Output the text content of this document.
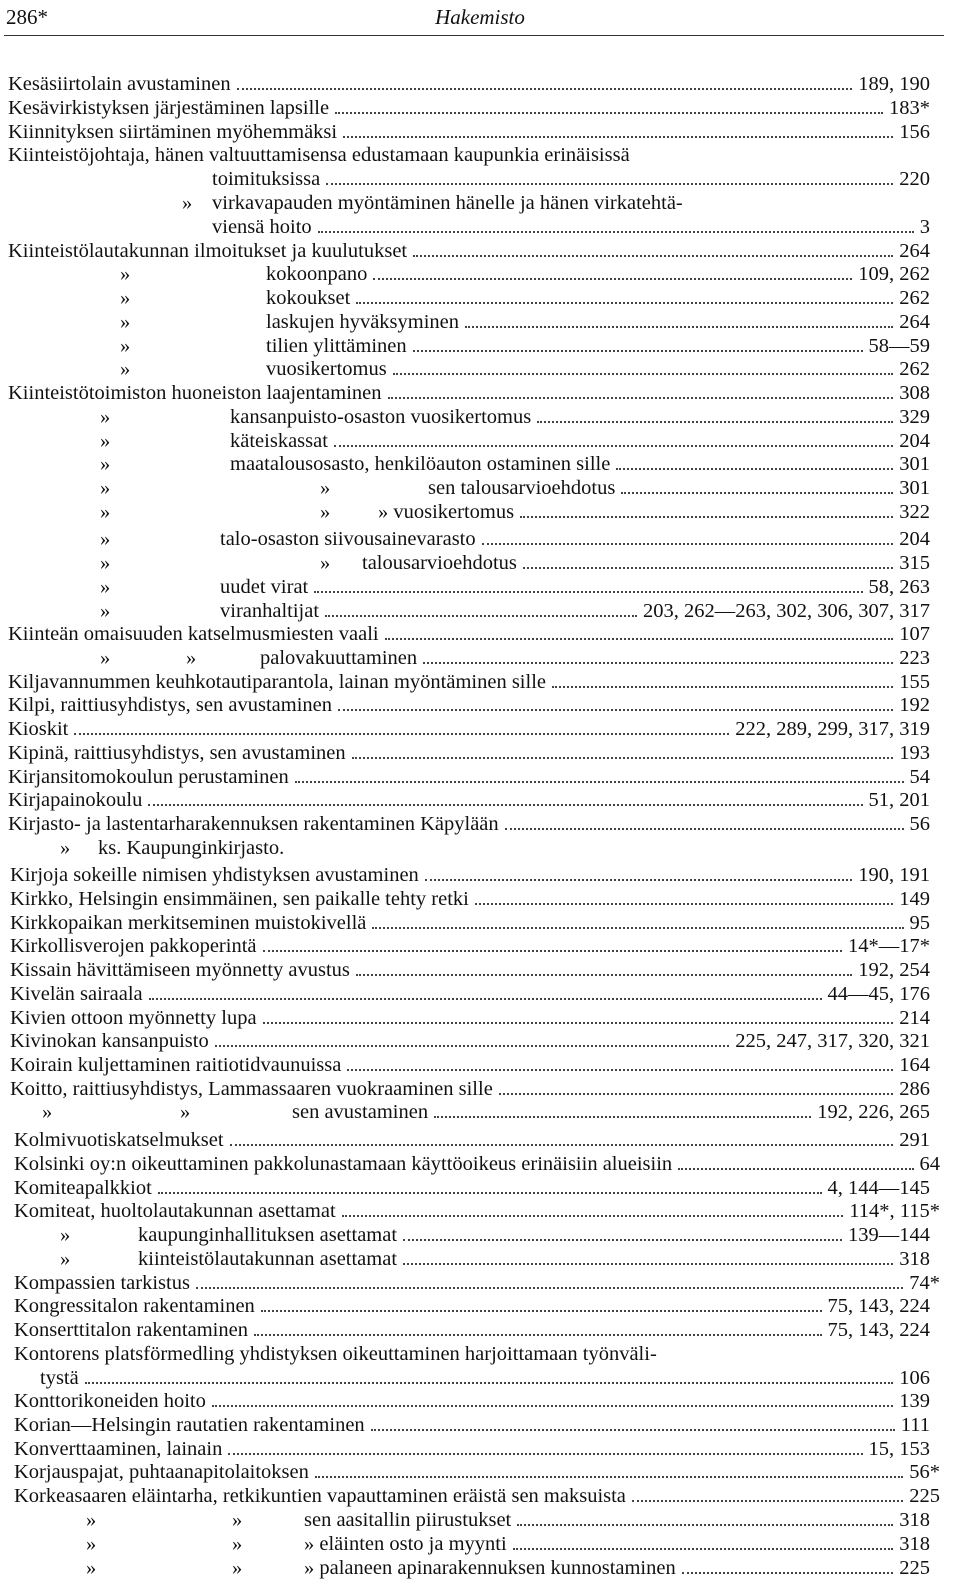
286*	Hakemisto
Kesäsiirtolain avustaminen	189, 190
Kesävirkistyksen järjestäminen lapsille	183*
Kiinnityksen siirtäminen myöhemmäksi	156
Kiinteistöjohtaja, hänen valtuuttamisensa edustamaan kaupunkia erinäisissä
toimituksissa	220
» virkavapauden myöntäminen hänelle ja hänen virkatehtä-
viensä hoito	3
Kiinteistölautakunnan ilmoitukset ja kuulutukset	264
»	kokoonpano	109, 262
»	kokoukset	262
»	laskujen hyväksyminen	264
»	tilien ylittäminen	58—59
»	vuosikertomus	262
Kiinteistötoimiston huoneiston laajentaminen	308
»	kansanpuisto-osaston vuosikertomus	329
»	käteiskassat	204
»	maatalousosasto, henkilöauton ostaminen sille	301
»	»	sen talousarvioehdotus	301
»	» » vuosikertomus	322
»	talo-osaston siivousainevarasto	204
»	» talousarvioehdotus	315
»	uudet virat	58, 263
»	viranhaltijat	203, 262—263, 302, 306, 307, 317
Kiinteän omaisuuden katselmusmiesten vaali	107
»	»	palovakuuttaminen	223
Kiljavannummen keuhkotautiparantola, lainan myöntäminen sille	155
Kilpi, raittiusyhdistys, sen avustaminen	192
Kioskit	222, 289, 299, 317, 319
Kipinä, raittiusyhdistys, sen avustaminen	193
Kirjansitomokoulun perustaminen	54
Kirjapainokoulu	51, 201
Kirjasto- ja lastentarharakennuksen rakentaminen Käpylään	56
» ks. Kaupunginkirjasto.
Kirjoja sokeille nimisen yhdistyksen avustaminen	190, 191
Kirkko, Helsingin ensimmäinen, sen paikalle tehty retki	149
Kirkkopaikan merkitseminen muistokivellä	95
Kirkollisverojen pakkoperintä	14*—17*
Kissain hävittämiseen myönnetty avustus	192, 254
Kivelän sairaala	44—45, 176
Kivien ottoon myönnetty lupa	214
Kivinokan kansanpuisto	225, 247, 317, 320, 321
Koirain kuljettaminen raitiotidvaunuissa	164
Koitto, raittiusyhdistys, Lammassaaren vuokraaminen sille	286
»	»	sen avustaminen	192, 226, 265
Kolmivuotiskatselmukset	291
Kolsinki oy:n oikeuttaminen pakkolunastamaan käyttöoikeus erinäisiin alueisiin	64
Komiteapalkkiot	4, 144—145
Komiteat, huoltolautakunnan asettamat	114*, 115*
»	kaupunginhallituksen asettamat	139—144
»	kiinteistölautakunnan asettamat	318
Kompassien tarkistus	74*
Kongressitalon rakentaminen	75, 143, 224
Konserttitalon rakentaminen	75, 143, 224
Kontorens platsförmedling yhdistyksen oikeuttaminen harjoittamaan työnväli-
tystä	106
Konttorikoneiden hoito	139
Korian—Helsingin rautatien rakentaminen	111
Konverttaaminen, lainain	15, 153
Korjauspajat, puhtaanapitolaitoksen	56*
Korkeasaaren eläintarha, retkikuntien vapauttaminen eräistä sen maksuista	225
»	»	sen aasitallin piirustukset	318
»	»	» eläinten osto ja myynti	318
»	»	» palaneen apinarakennuksen kunnostaminen	225
